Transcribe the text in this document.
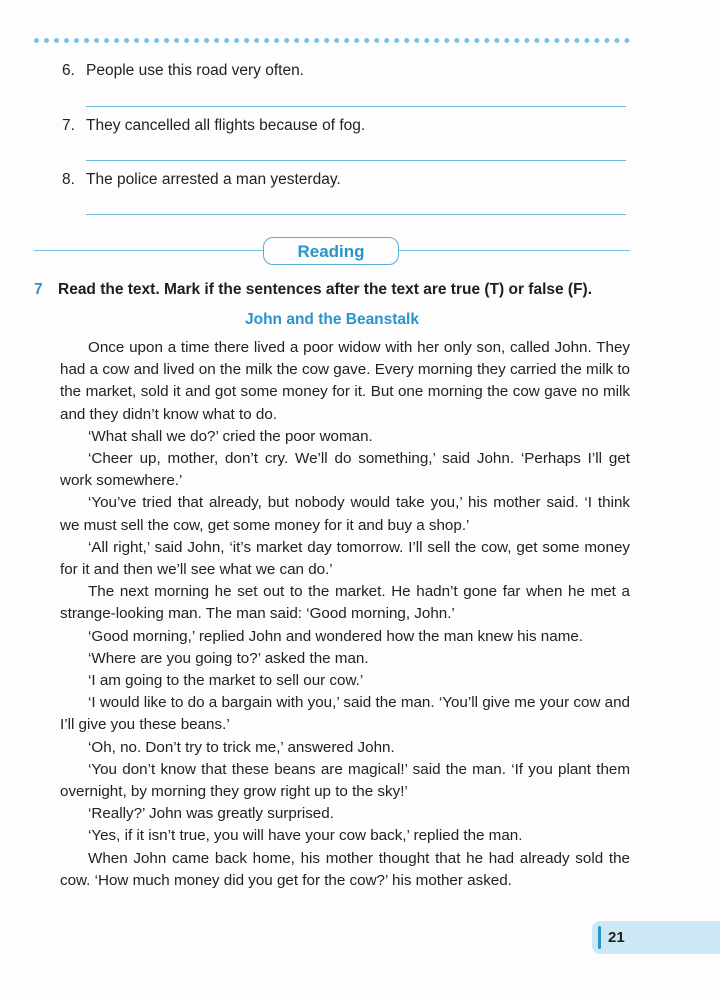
6. People use this road very often.
7. They cancelled all flights because of fog.
8. The police arrested a man yesterday.
Reading
7 Read the text. Mark if the sentences after the text are true (T) or false (F).
John and the Beanstalk

Once upon a time there lived a poor widow with her only son, called John. They had a cow and lived on the milk the cow gave. Every morning they carried the milk to the market, sold it and got some money for it. But one morning the cow gave no milk and they didn’t know what to do.

‘What shall we do?’ cried the poor woman.

‘Cheer up, mother, don’t cry. We’ll do something,’ said John. ‘Perhaps I’ll get work somewhere.’

‘You’ve tried that already, but nobody would take you,’ his mother said. ‘I think we must sell the cow, get some money for it and buy a shop.’

‘All right,’ said John, ‘it’s market day tomorrow. I’ll sell the cow, get some money for it and then we’ll see what we can do.’

The next morning he set out to the market. He hadn’t gone far when he met a strange-looking man. The man said: ‘Good morning, John.’

‘Good morning,’ replied John and wondered how the man knew his name.

‘Where are you going to?’ asked the man.

‘I am going to the market to sell our cow.’

‘I would like to do a bargain with you,’ said the man. ‘You’ll give me your cow and I’ll give you these beans.’

‘Oh, no. Don’t try to trick me,’ answered John.

‘You don’t know that these beans are magical!’ said the man. ‘If you plant them overnight, by morning they grow right up to the sky!’

‘Really?’ John was greatly surprised.

‘Yes, if it isn’t true, you will have your cow back,’ replied the man.

When John came back home, his mother thought that he had already sold the cow. ‘How much money did you get for the cow?’ his mother asked.

21
